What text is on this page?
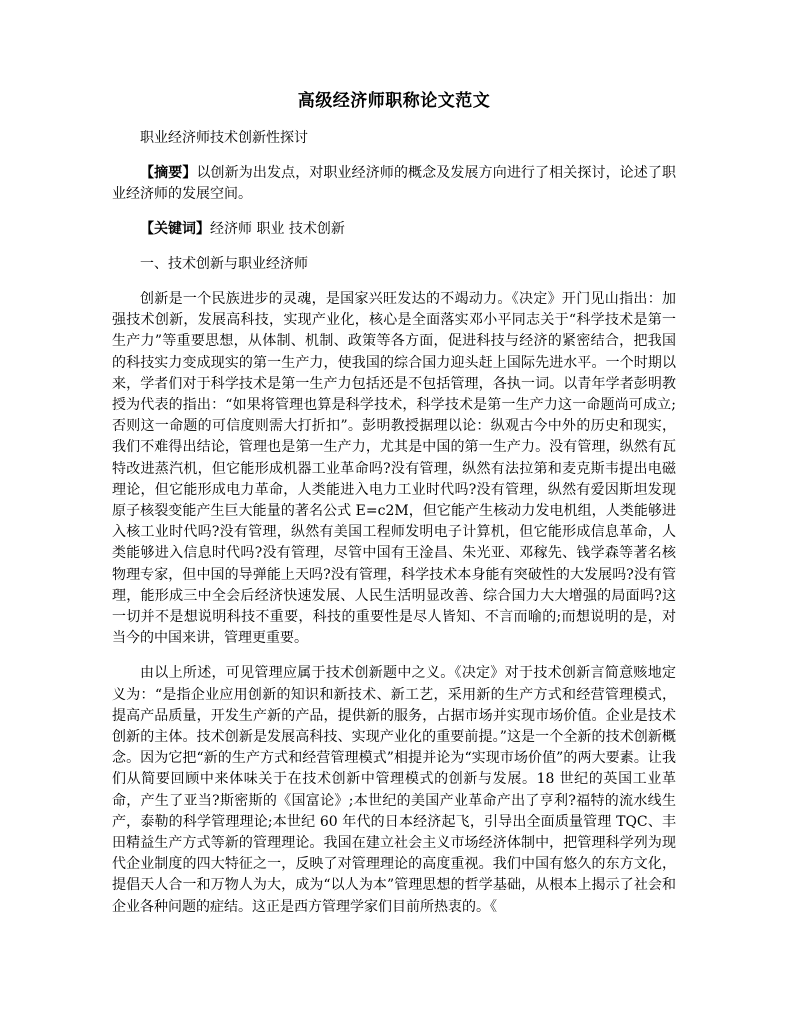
高级经济师职称论文范文

职业经济师技术创新性探讨

【摘要】以创新为出发点，对职业经济师的概念及发展方向进行了相关探讨，论述了职业经济师的发展空间。

【关键词】经济师 职业 技术创新

一、技术创新与职业经济师

创新是一个民族进步的灵魂，是国家兴旺发达的不竭动力。《决定》开门见山指出：加强技术创新，发展高科技，实现产业化，核心是全面落实邓小平同志关于“科学技术是第一生产力”等重要思想，从体制、机制、政策等各方面，促进科技与经济的紧密结合，把我国的科技实力变成现实的第一生产力，使我国的综合国力迎头赶上国际先进水平。一个时期以来，学者们对于科学技术是第一生产力包括还是不包括管理，各执一词。以青年学者彭明教授为代表的指出：“如果将管理也算是科学技术，科学技术是第一生产力这一命题尚可成立;否则这一命题的可信度则需大打折扣”。彭明教授据理以论：纵观古今中外的历史和现实，我们不难得出结论，管理也是第一生产力，尤其是中国的第一生产力。没有管理，纵然有瓦特改进蒸汽机，但它能形成机器工业革命吗?没有管理，纵然有法拉第和麦克斯韦提出电磁理论，但它能形成电力革命，人类能进入电力工业时代吗?没有管理，纵然有爱因斯坦发现原子核裂变能产生巨大能量的著名公式 E=c2M，但它能产生核动力发电机组，人类能够进入核工业时代吗?没有管理，纵然有美国工程师发明电子计算机，但它能形成信息革命，人类能够进入信息时代吗?没有管理，尽管中国有王淦昌、朱光亚、邓稼先、钱学森等著名核物理专家，但中国的导弹能上天吗?没有管理，科学技术本身能有突破性的大发展吗?没有管理，能形成三中全会后经济快速发展、人民生活明显改善、综合国力大大增强的局面吗?这一切并不是想说明科技不重要，科技的重要性是尽人皆知、不言而喻的;而想说明的是，对当今的中国来讲，管理更重要。

由以上所述，可见管理应属于技术创新题中之义。《决定》对于技术创新言简意赅地定义为：“是指企业应用创新的知识和新技术、新工艺，采用新的生产方式和经营管理模式，提高产品质量，开发生产新的产品，提供新的服务，占据市场并实现市场价值。企业是技术创新的主体。技术创新是发展高科技、实现产业化的重要前提。”这是一个全新的技术创新概念。因为它把“新的生产方式和经营管理模式”相提并论为“实现市场价值”的两大要素。让我们从简要回顾中来体味关于在技术创新中管理模式的创新与发展。18 世纪的英国工业革命，产生了亚当?斯密斯的《国富论》;本世纪的美国产业革命产出了亨利?福特的流水线生产，泰勒的科学管理理论;本世纪 60 年代的日本经济起飞，引导出全面质量管理 TQC、丰田精益生产方式等新的管理理论。我国在建立社会主义市场经济体制中，把管理科学列为现代企业制度的四大特征之一，反映了对管理理论的高度重视。我们中国有悠久的东方文化，提倡天人合一和万物人为大，成为“以人为本”管理思想的哲学基础，从根本上揭示了社会和企业各种问题的症结。这正是西方管理学家们目前所热衷的。《
